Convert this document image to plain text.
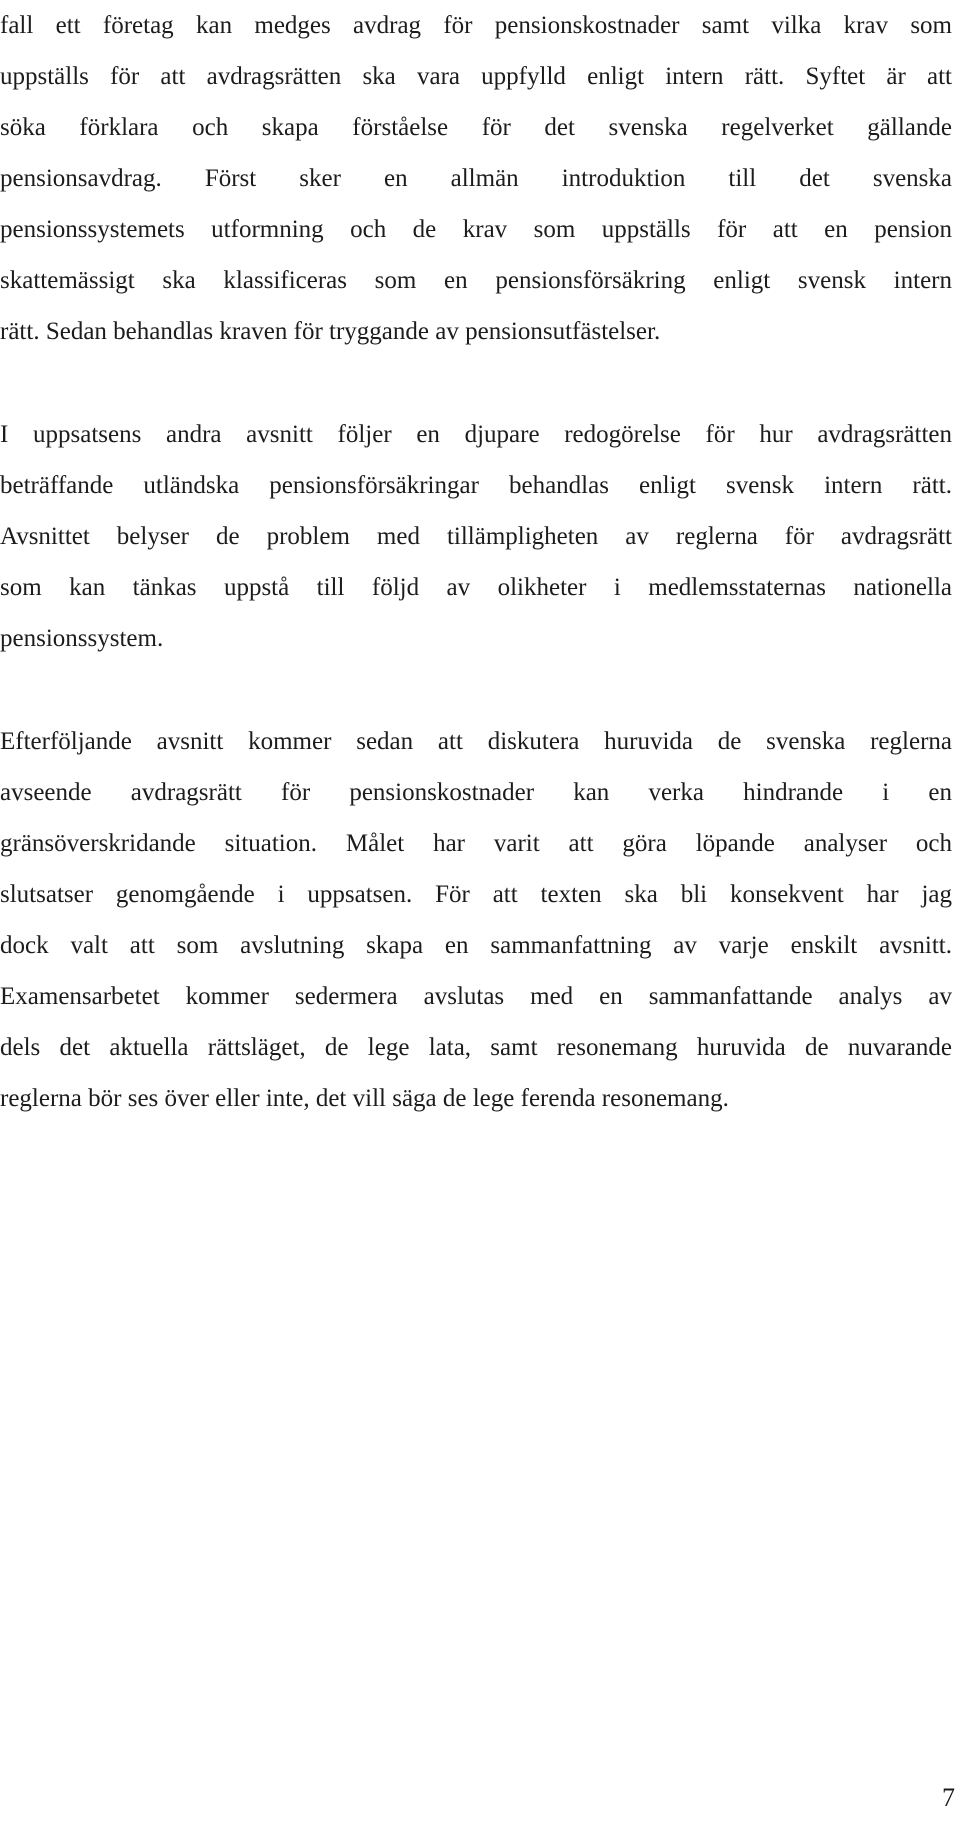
fall ett företag kan medges avdrag för pensionskostnader samt vilka krav som
uppställs för att avdragsrätten ska vara uppfylld enligt intern rätt. Syftet är att
söka förklara och skapa förståelse för det svenska regelverket gällande
pensionsavdrag. Först sker en allmän introduktion till det svenska
pensionssystemets utformning och de krav som uppställs för att en pension
skattemässigt ska klassificeras som en pensionsförsäkring enligt svensk intern
rätt. Sedan behandlas kraven för tryggande av pensionsutfästelser.
I uppsatsens andra avsnitt följer en djupare redogörelse för hur avdragsrätten
beträffande utländska pensionsförsäkringar behandlas enligt svensk intern rätt.
Avsnittet belyser de problem med tillämpligheten av reglerna för avdragsrätt
som kan tänkas uppstå till följd av olikheter i medlemsstaternas nationella
pensionssystem.
Efterföljande avsnitt kommer sedan att diskutera huruvida de svenska reglerna
avseende avdragsrätt för pensionskostnader kan verka hindrande i en
gränsöverskridande situation. Målet har varit att göra löpande analyser och
slutsatser genomgående i uppsatsen. För att texten ska bli konsekvent har jag
dock valt att som avslutning skapa en sammanfattning av varje enskilt avsnitt.
Examensarbetet kommer sedermera avslutas med en sammanfattande analys av
dels det aktuella rättsläget, de lege lata, samt resonemang huruvida de nuvarande
reglerna bör ses över eller inte, det vill säga de lege ferenda resonemang.
7
